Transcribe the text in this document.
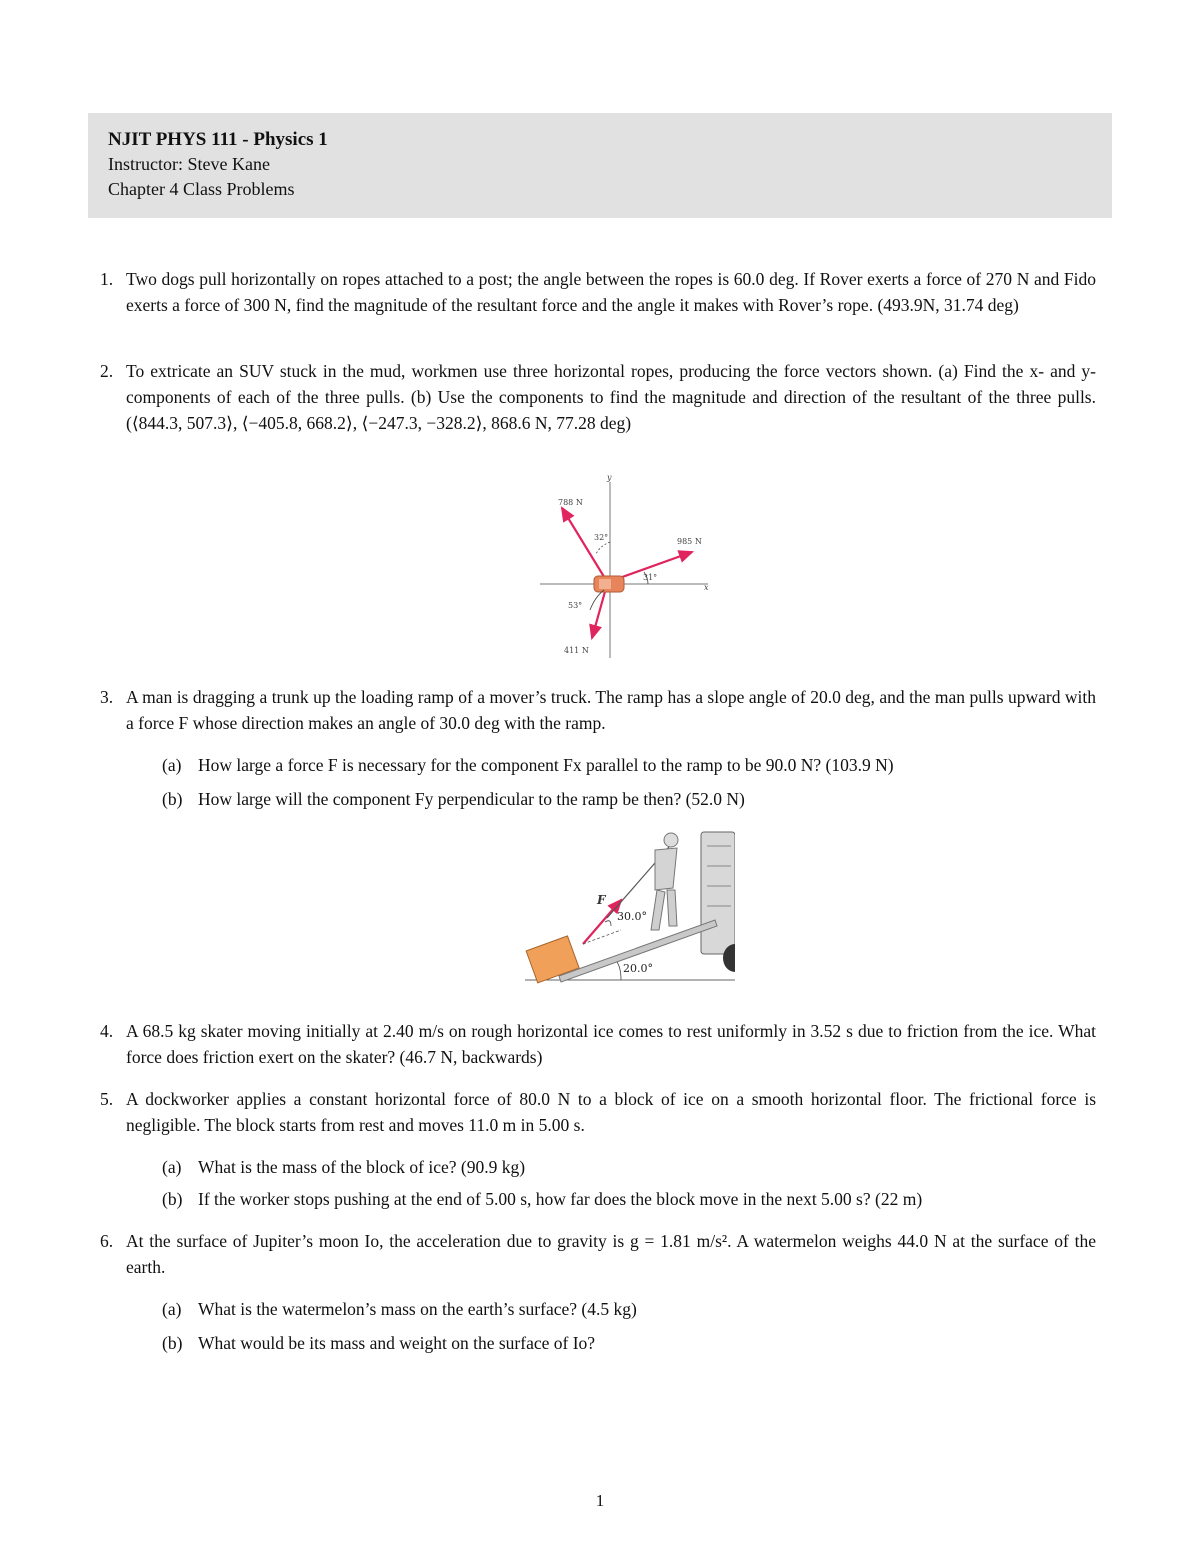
NJIT PHYS 111 - Physics 1
Instructor: Steve Kane
Chapter 4 Class Problems
1. Two dogs pull horizontally on ropes attached to a post; the angle between the ropes is 60.0 deg. If Rover exerts a force of 270 N and Fido exerts a force of 300 N, find the magnitude of the resultant force and the angle it makes with Rover’s rope. (493.9N, 31.74 deg)
2. To extricate an SUV stuck in the mud, workmen use three horizontal ropes, producing the force vectors shown. (a) Find the x- and y-components of each of the three pulls. (b) Use the components to find the magnitude and direction of the resultant of the three pulls. (⟨844.3, 507.3⟩, ⟨−405.8, 668.2⟩, ⟨−247.3, −328.2⟩, 868.6 N, 77.28 deg)
x
y
788 N
985 N
411 N
32°
31°
53°
3. A man is dragging a trunk up the loading ramp of a mover’s truck. The ramp has a slope angle of 20.0 deg, and the man pulls upward with a force F whose direction makes an angle of 30.0 deg with the ramp.
(a) How large a force F is necessary for the component Fx parallel to the ramp to be 90.0 N? (103.9 N)
(b) How large will the component Fy perpendicular to the ramp be then? (52.0 N)
F
30.0°
20.0°
4. A 68.5 kg skater moving initially at 2.40 m/s on rough horizontal ice comes to rest uniformly in 3.52 s due to friction from the ice. What force does friction exert on the skater? (46.7 N, backwards)
5. A dockworker applies a constant horizontal force of 80.0 N to a block of ice on a smooth horizontal floor. The frictional force is negligible. The block starts from rest and moves 11.0 m in 5.00 s.
(a) What is the mass of the block of ice? (90.9 kg)
(b) If the worker stops pushing at the end of 5.00 s, how far does the block move in the next 5.00 s? (22 m)
6. At the surface of Jupiter’s moon Io, the acceleration due to gravity is g = 1.81 m/s². A watermelon weighs 44.0 N at the surface of the earth.
(a) What is the watermelon’s mass on the earth’s surface? (4.5 kg)
(b) What would be its mass and weight on the surface of Io?
1
